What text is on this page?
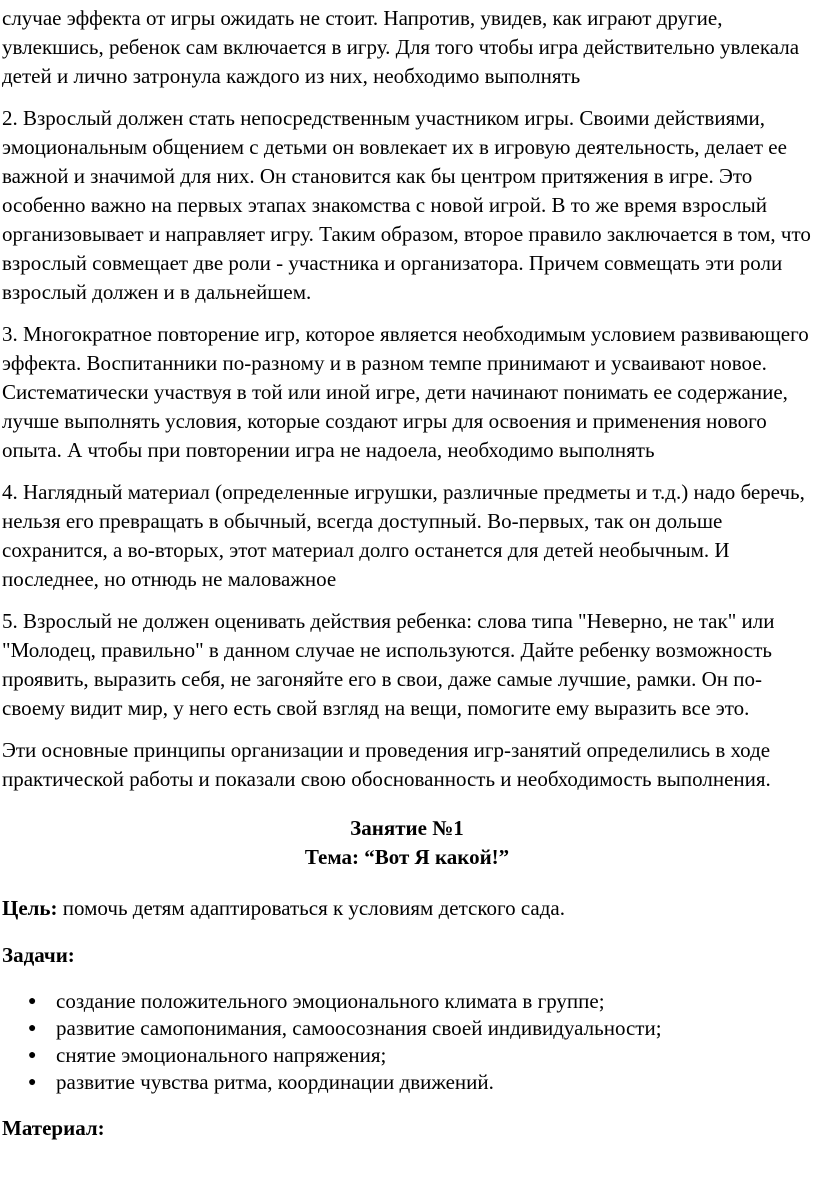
случае эффекта от игры ожидать не стоит. Напротив, увидев, как играют другие, увлекшись, ребенок сам включается в игру. Для того чтобы игра действительно увлекала детей и лично затронула каждого из них, необходимо выполнять

2. Взрослый должен стать непосредственным участником игры. Своими действиями, эмоциональным общением с детьми он вовлекает их в игровую деятельность, делает ее важной и значимой для них. Он становится как бы центром притяжения в игре. Это особенно важно на первых этапах знакомства с новой игрой. В то же время взрослый организовывает и направляет игру. Таким образом, второе правило заключается в том, что взрослый совмещает две роли - участника и организатора. Причем совмещать эти роли взрослый должен и в дальнейшем.

3. Многократное повторение игр, которое является необходимым условием развивающего эффекта. Воспитанники по-разному и в разном темпе принимают и усваивают новое. Систематически участвуя в той или иной игре, дети начинают понимать ее содержание, лучше выполнять условия, которые создают игры для освоения и применения нового опыта. А чтобы при повторении игра не надоела, необходимо выполнять

4. Наглядный материал (определенные игрушки, различные предметы и т.д.) надо беречь, нельзя его превращать в обычный, всегда доступный. Во-первых, так он дольше сохранится, а во-вторых, этот материал долго останется для детей необычным. И последнее, но отнюдь не маловажное

5. Взрослый не должен оценивать действия ребенка: слова типа "Неверно, не так" или "Молодец, правильно" в данном случае не используются. Дайте ребенку возможность проявить, выразить себя, не загоняйте его в свои, даже самые лучшие, рамки. Он по-своему видит мир, у него есть свой взгляд на вещи, помогите ему выразить все это.

Эти основные принципы организации и проведения игр-занятий определились в ходе практической работы и показали свою обоснованность и необходимость выполнения.

Занятие №1
Тема: “Вот Я какой!”
Цель: помочь детям адаптироваться к условиям детского сада.
Задачи:
● создание положительного эмоционального климата в группе;
● развитие самопонимания, самоосознания своей индивидуальности;
● снятие эмоционального напряжения;
● развитие чувства ритма, координации движений.
Материал:
